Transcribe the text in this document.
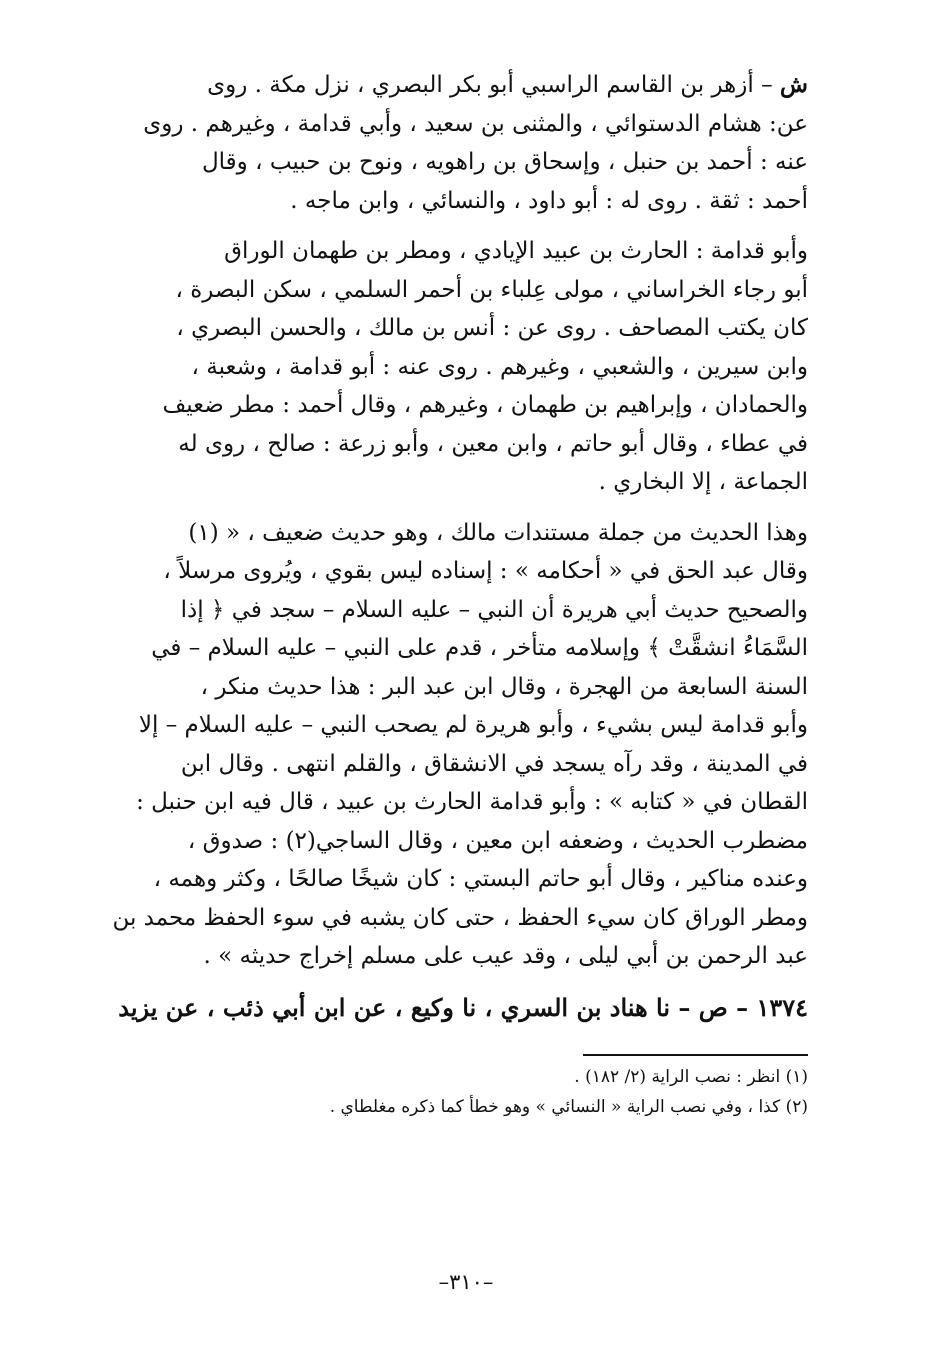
ش – أزهر بن القاسم الراسبي أبو بكر البصري ، نزل مكة . روى

عن: هشام الدستوائي ، والمثنى بن سعيد ، وأبي قدامة ، وغيرهم . روى

عنه : أحمد بن حنبل ، وإسحاق بن راهويه ، ونوح بن حبيب ، وقال

أحمد : ثقة . روى له : أبو داود ، والنسائي ، وابن ماجه .

وأبو قدامة : الحارث بن عبيد الإيادي ، ومطر بن طهمان الوراق

أبو رجاء الخراساني ، مولى عِلباء بن أحمر السلمي ، سكن البصرة ،

كان يكتب المصاحف . روى عن : أنس بن مالك ، والحسن البصري ،

وابن سيرين ، والشعبي ، وغيرهم . روى عنه : أبو قدامة ، وشعبة ،

والحمادان ، وإبراهيم بن طهمان ، وغيرهم ، وقال أحمد : مطر ضعيف

في عطاء ، وقال أبو حاتم ، وابن معين ، وأبو زرعة : صالح ، روى له

الجماعة ، إلا البخاري .

وهذا الحديث من جملة مستندات مالك ، وهو حديث ضعيف ، « (١)

وقال عبد الحق في « أحكامه » : إسناده ليس بقوي ، ويُروى مرسلاً ،

والصحيح حديث أبي هريرة أن النبي – عليه السلام – سجد في ﴿ إذا

السَّمَاءُ انشقَّتْ ﴾ وإسلامه متأخر ، قدم على النبي – عليه السلام – في

السنة السابعة من الهجرة ، وقال ابن عبد البر : هذا حديث منكر ،

وأبو قدامة ليس بشيء ، وأبو هريرة لم يصحب النبي – عليه السلام – إلا

في المدينة ، وقد رآه يسجد في الانشقاق ، والقلم انتهى . وقال ابن

القطان في « كتابه » : وأبو قدامة الحارث بن عبيد ، قال فيه ابن حنبل :

مضطرب الحديث ، وضعفه ابن معين ، وقال الساجي(٢) : صدوق ،

وعنده مناكير ، وقال أبو حاتم البستي : كان شيخًا صالحًا ، وكثر وهمه ،

ومطر الوراق كان سيء الحفظ ، حتى كان يشبه في سوء الحفظ محمد بن

عبد الرحمن بن أبي ليلى ، وقد عيب على مسلم إخراج حديثه » .

١٣٧٤ – ص – نا هناد بن السري ، نا وكيع ، عن ابن أبي ذئب ، عن يزيد

(١) انظر : نصب الراية (٢/ ١٨٢) .

(٢) كذا ، وفي نصب الراية « النسائي » وهو خطأ كما ذكره مغلطاي .

–٣١٠–
